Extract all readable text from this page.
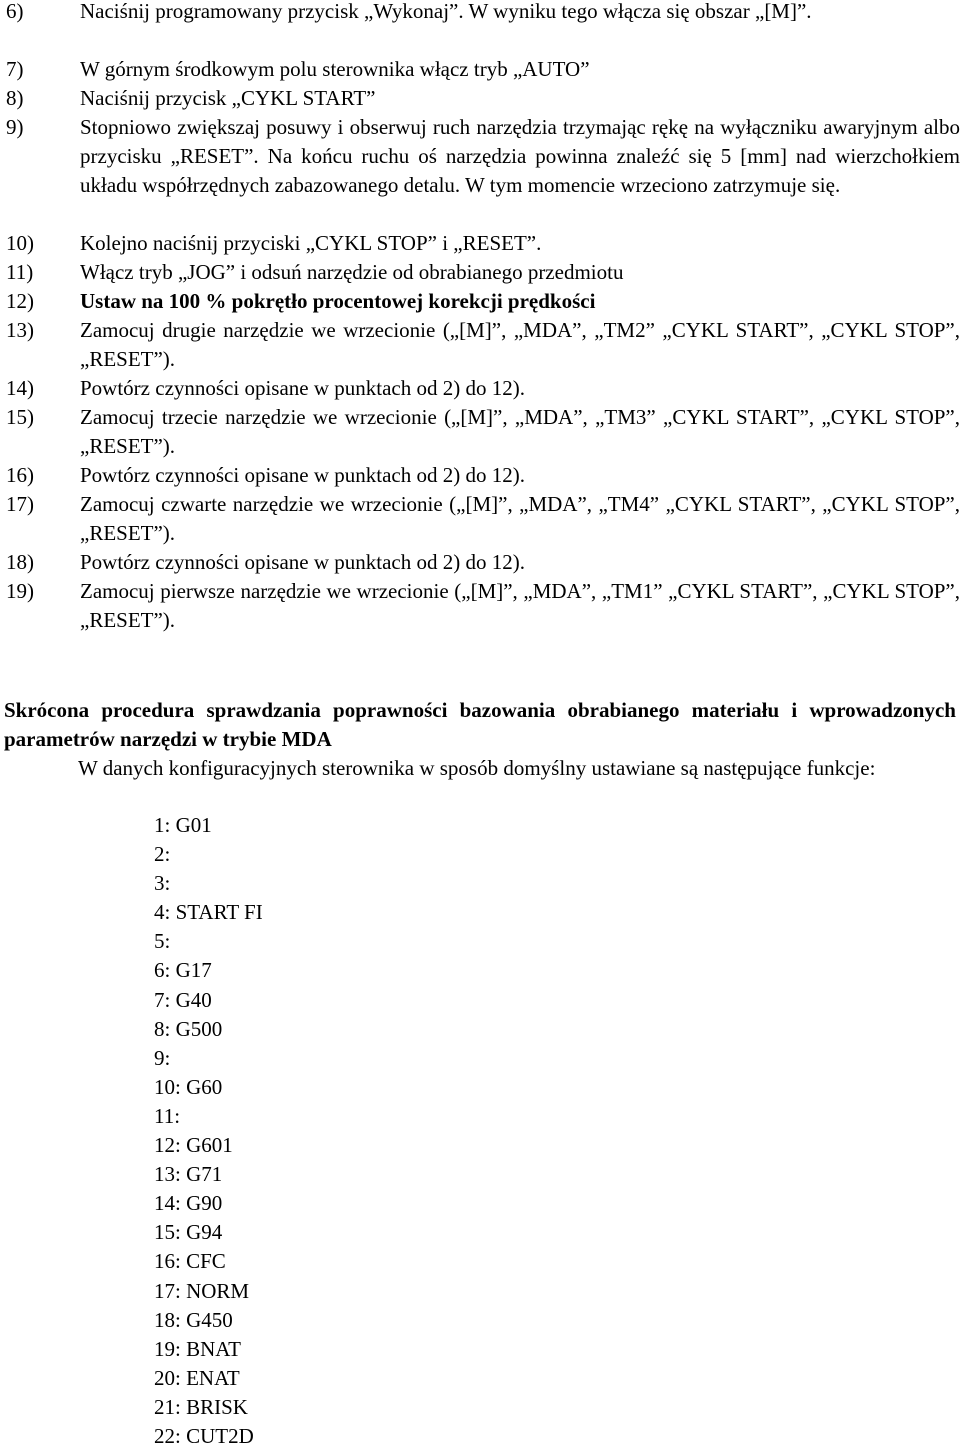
6)	Naciśnij programowany przycisk „Wykonaj”. W wyniku tego włącza się obszar „[M]”.
7)	W górnym środkowym polu sterownika włącz tryb „AUTO”
8)	Naciśnij przycisk „CYKL START”
9)	Stopniowo zwiększaj posuwy i obserwuj ruch narzędzia trzymając rękę na wyłączniku awaryjnym albo przycisku „RESET”. Na końcu ruchu oś narzędzia powinna znaleźć się 5 [mm] nad wierzchołkiem układu współrzędnych zabazowanego detalu. W tym momencie wrzeciono zatrzymuje się.
10)	Kolejno naciśnij przyciski „CYKL STOP” i „RESET”.
11)	Włącz tryb „JOG” i odsuń narzędzie od obrabianego przedmiotu
12)	Ustaw na 100 % pokrętło procentowej korekcji prędkości
13)	Zamocuj drugie narzędzie we wrzecionie („[M]”, „MDA”, „TM2” „CYKL START”, „CYKL STOP”, „RESET”).
14)	Powtórz czynności opisane w punktach od 2) do 12).
15)	Zamocuj trzecie narzędzie we wrzecionie („[M]”, „MDA”, „TM3” „CYKL START”, „CYKL STOP”, „RESET”).
16)	Powtórz czynności opisane w punktach od 2) do 12).
17)	Zamocuj czwarte narzędzie we wrzecionie („[M]”, „MDA”, „TM4” „CYKL START”, „CYKL STOP”, „RESET”).
18)	Powtórz czynności opisane w punktach od 2) do 12).
19)	Zamocuj pierwsze narzędzie we wrzecionie („[M]”, „MDA”, „TM1” „CYKL START”, „CYKL STOP”, „RESET”).
Skrócona procedura sprawdzania poprawności bazowania obrabianego materiału i wprowadzonych parametrów narzędzi w trybie MDA
W danych konfiguracyjnych sterownika w sposób domyślny ustawiane są następujące funkcje:
1: G01
2:
3:
4: START FI
5:
6: G17
7: G40
8: G500
9:
10: G60
11:
12: G601
13: G71
14: G90
15: G94
16: CFC
17: NORM
18: G450
19: BNAT
20: ENAT
21: BRISK
22: CUT2D
